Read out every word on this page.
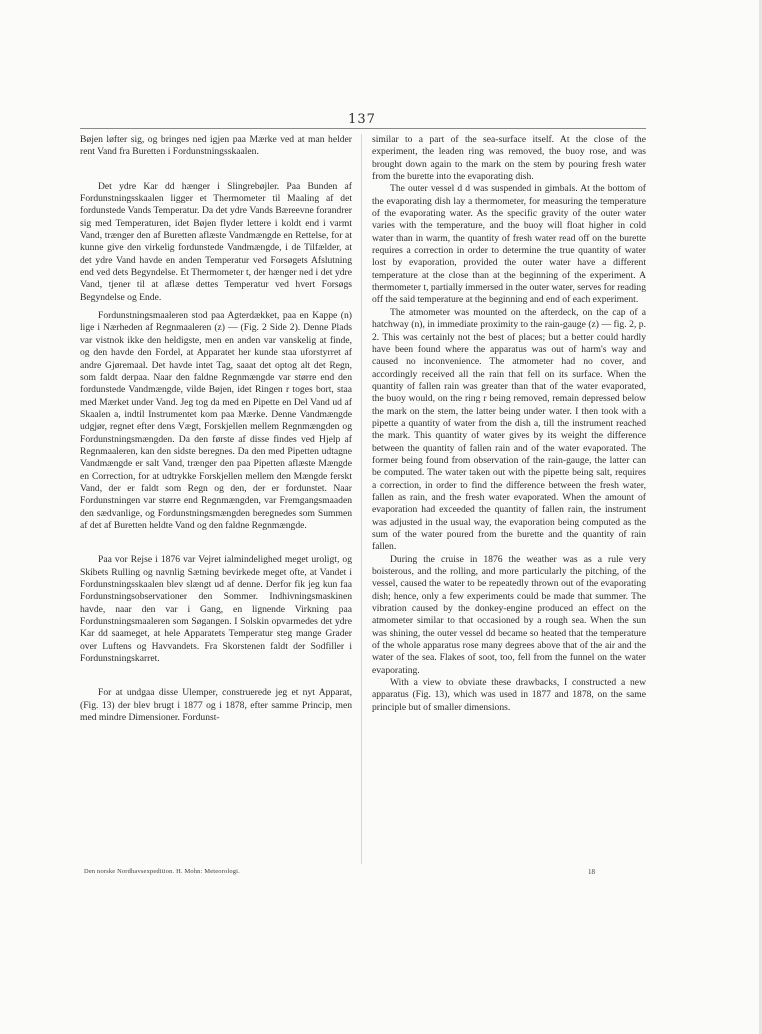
137

Bøjen løfter sig, og bringes ned igjen paa Mærke ved at man helder rent Vand fra Buretten i Fordunstningsskaalen.

Det ydre Kar dd hænger i Slingrebøjler. Paa Bunden af Fordunstningsskaalen ligger et Thermometer til Maaling af det fordunstede Vands Temperatur. Da det ydre Vands Bæreevne forandrer sig med Temperaturen, idet Bøjen flyder lettere i koldt end i varmt Vand, trænger den af Buretten aflæste Vandmængde en Rettelse, for at kunne give den virkelig fordunstede Vandmængde, i de Tilfælder, at det ydre Vand havde en anden Temperatur ved Forsøgets Afslutning end ved dets Begyndelse. Et Thermometer t, der hænger ned i det ydre Vand, tjener til at aflæse dettes Temperatur ved hvert Forsøgs Begyndelse og Ende.

Fordunstningsmaaleren stod paa Agterdækket, paa en Kappe (n) lige i Nærheden af Regnmaaleren (z) — (Fig. 2 Side 2). Denne Plads var vistnok ikke den heldigste, men en anden var vanskelig at finde, og den havde den Fordel, at Apparatet her kunde staa uforstyrret af andre Gjøremaal. Det havde intet Tag, saaat det optog alt det Regn, som faldt derpaa. Naar den faldne Regnmængde var større end den fordunstede Vandmængde, vilde Bøjen, idet Ringen r toges bort, staa med Mærket under Vand. Jeg tog da med en Pipette en Del Vand ud af Skaalen a, indtil Instrumentet kom paa Mærke. Denne Vandmængde udgjør, regnet efter dens Vægt, Forskjellen mellem Regnmængden og Fordunstningsmængden. Da den første af disse findes ved Hjelp af Regnmaaleren, kan den sidste beregnes. Da den med Pipetten udtagne Vandmængde er salt Vand, trænger den paa Pipetten aflæste Mængde en Correction, for at udtrykke Forskjellen mellem den Mængde ferskt Vand, der er faldt som Regn og den, der er fordunstet. Naar Fordunstningen var større end Regnmængden, var Fremgangsmaaden den sædvanlige, og Fordunstningsmængden beregnedes som Summen af det af Buretten heldte Vand og den faldne Regnmængde.

Paa vor Rejse i 1876 var Vejret ialmindelighed meget uroligt, og Skibets Rulling og navnlig Sætning bevirkede meget ofte, at Vandet i Fordunstningsskaalen blev slængt ud af denne. Derfor fik jeg kun faa Fordunstningsobservationer den Sommer. Indhivningsmaskinen havde, naar den var i Gang, en lignende Virkning paa Fordunstningsmaaleren som Søgangen. I Solskin opvarmedes det ydre Kar dd saameget, at hele Apparatets Temperatur steg mange Grader over Luftens og Havvandets. Fra Skorstenen faldt der Sodfiller i Fordunstningskarret.

For at undgaa disse Ulemper, construerede jeg et nyt Apparat, (Fig. 13) der blev brugt i 1877 og i 1878, efter samme Princip, men med mindre Dimensioner. Fordunst-

similar to a part of the sea-surface itself. At the close of the experiment, the leaden ring was removed, the buoy rose, and was brought down again to the mark on the stem by pouring fresh water from the burette into the evaporating dish.

The outer vessel d d was suspended in gimbals. At the bottom of the evaporating dish lay a thermometer, for measuring the temperature of the evaporating water. As the specific gravity of the outer water varies with the temperature, and the buoy will float higher in cold water than in warm, the quantity of fresh water read off on the burette requires a correction in order to determine the true quantity of water lost by evaporation, provided the outer water have a different temperature at the close than at the beginning of the experiment. A thermometer t, partially immersed in the outer water, serves for reading off the said temperature at the beginning and end of each experiment.

The atmometer was mounted on the afterdeck, on the cap of a hatchway (n), in immediate proximity to the rain-gauge (z) — fig. 2, p. 2. This was certainly not the best of places; but a better could hardly have been found where the apparatus was out of harm's way and caused no inconvenience. The atmometer had no cover, and accordingly received all the rain that fell on its surface. When the quantity of fallen rain was greater than that of the water evaporated, the buoy would, on the ring r being removed, remain depressed below the mark on the stem, the latter being under water. I then took with a pipette a quantity of water from the dish a, till the instrument reached the mark. This quantity of water gives by its weight the difference between the quantity of fallen rain and of the water evaporated. The former being found from observation of the rain-gauge, the latter can be computed. The water taken out with the pipette being salt, requires a correction, in order to find the difference between the fresh water, fallen as rain, and the fresh water evaporated. When the amount of evaporation had exceeded the quantity of fallen rain, the instrument was adjusted in the usual way, the evaporation being computed as the sum of the water poured from the burette and the quantity of rain fallen.

During the cruise in 1876 the weather was as a rule very boisterous, and the rolling, and more particularly the pitching, of the vessel, caused the water to be repeatedly thrown out of the evaporating dish; hence, only a few experiments could be made that summer. The vibration caused by the donkey-engine produced an effect on the atmometer similar to that occasioned by a rough sea. When the sun was shining, the outer vessel dd became so heated that the temperature of the whole apparatus rose many degrees above that of the air and the water of the sea. Flakes of soot, too, fell from the funnel on the water evaporating.

With a view to obviate these drawbacks, I constructed a new apparatus (Fig. 13), which was used in 1877 and 1878, on the same principle but of smaller dimensions.

Den norske Nordhavsexpedition. H. Mohn: Meteorologi.	18
